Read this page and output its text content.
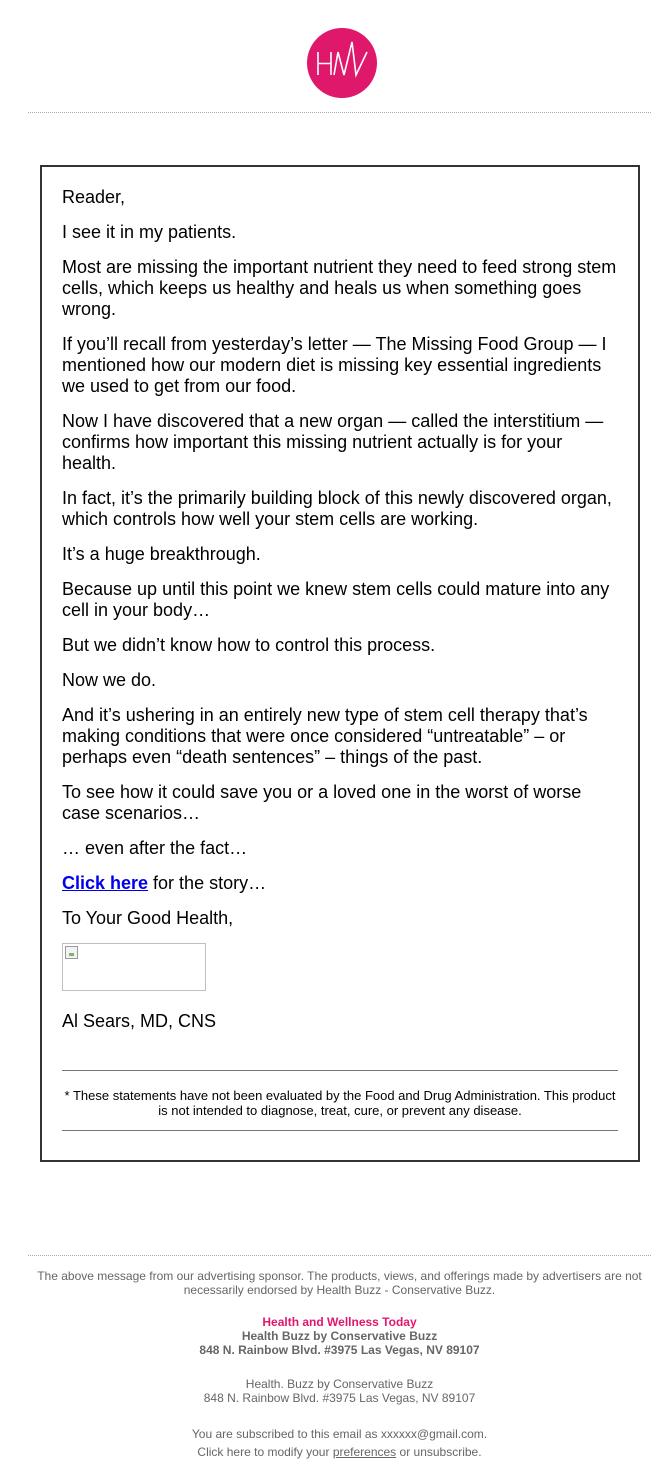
Reader,

I see it in my patients.

Most are missing the important nutrient they need to feed strong stem cells, which keeps us healthy and heals us when something goes wrong.

If you’ll recall from yesterday’s letter — The Missing Food Group — I mentioned how our modern diet is missing key essential ingredients we used to get from our food.

Now I have discovered that a new organ — called the interstitium — confirms how important this missing nutrient actually is for your health.

In fact, it’s the primarily building block of this newly discovered organ, which controls how well your stem cells are working.

It’s a huge breakthrough.

Because up until this point we knew stem cells could mature into any cell in your body…

But we didn’t know how to control this process.

Now we do.

And it’s ushering in an entirely new type of stem cell therapy that’s making conditions that were once considered “untreatable” – or perhaps even “death sentences” – things of the past.

To see how it could save you or a loved one in the worst of worse case scenarios…

… even after the fact…

Click here for the story…

To Your Good Health,

Al Sears, MD, CNS

* These statements have not been evaluated by the Food and Drug Administration. This product is not intended to diagnose, treat, cure, or prevent any disease.
The above message from our advertising sponsor. The products, views, and offerings made by advertisers are not necessarily endorsed by Health Buzz - Conservative Buzz.
Health and Wellness Today
Health Buzz by Conservative Buzz
848 N. Rainbow Blvd. #3975 Las Vegas, NV 89107
Health. Buzz by Conservative Buzz
848 N. Rainbow Blvd. #3975 Las Vegas, NV 89107
You are subscribed to this email as xxxxxx@gmail.com.
Click here to modify your preferences or unsubscribe.
